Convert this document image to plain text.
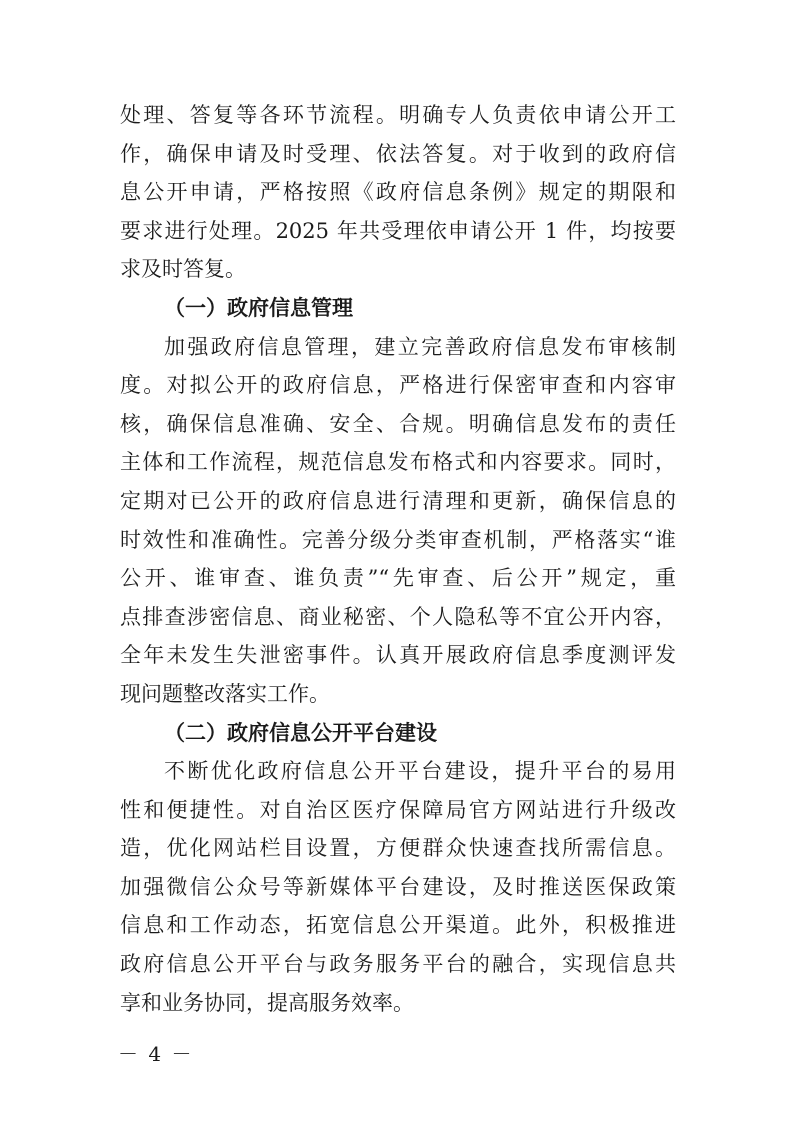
处理、答复等各环节流程。明确专人负责依申请公开工
作，确保申请及时受理、依法答复。对于收到的政府信
息公开申请，严格按照《政府信息条例》规定的期限和
要求进行处理。2025 年共受理依申请公开 1 件，均按要
求及时答复。
（一）政府信息管理
加强政府信息管理，建立完善政府信息发布审核制
度。对拟公开的政府信息，严格进行保密审查和内容审
核，确保信息准确、安全、合规。明确信息发布的责任
主体和工作流程，规范信息发布格式和内容要求。同时，
定期对已公开的政府信息进行清理和更新，确保信息的
时效性和准确性。完善分级分类审查机制，严格落实“谁
公开、谁审查、谁负责”“先审查、后公开”规定，重
点排查涉密信息、商业秘密、个人隐私等不宜公开内容，
全年未发生失泄密事件。认真开展政府信息季度测评发
现问题整改落实工作。
（二）政府信息公开平台建设
不断优化政府信息公开平台建设，提升平台的易用
性和便捷性。对自治区医疗保障局官方网站进行升级改
造，优化网站栏目设置，方便群众快速查找所需信息。
加强微信公众号等新媒体平台建设，及时推送医保政策
信息和工作动态，拓宽信息公开渠道。此外，积极推进
政府信息公开平台与政务服务平台的融合，实现信息共
享和业务协同，提高服务效率。
－ 4 －
